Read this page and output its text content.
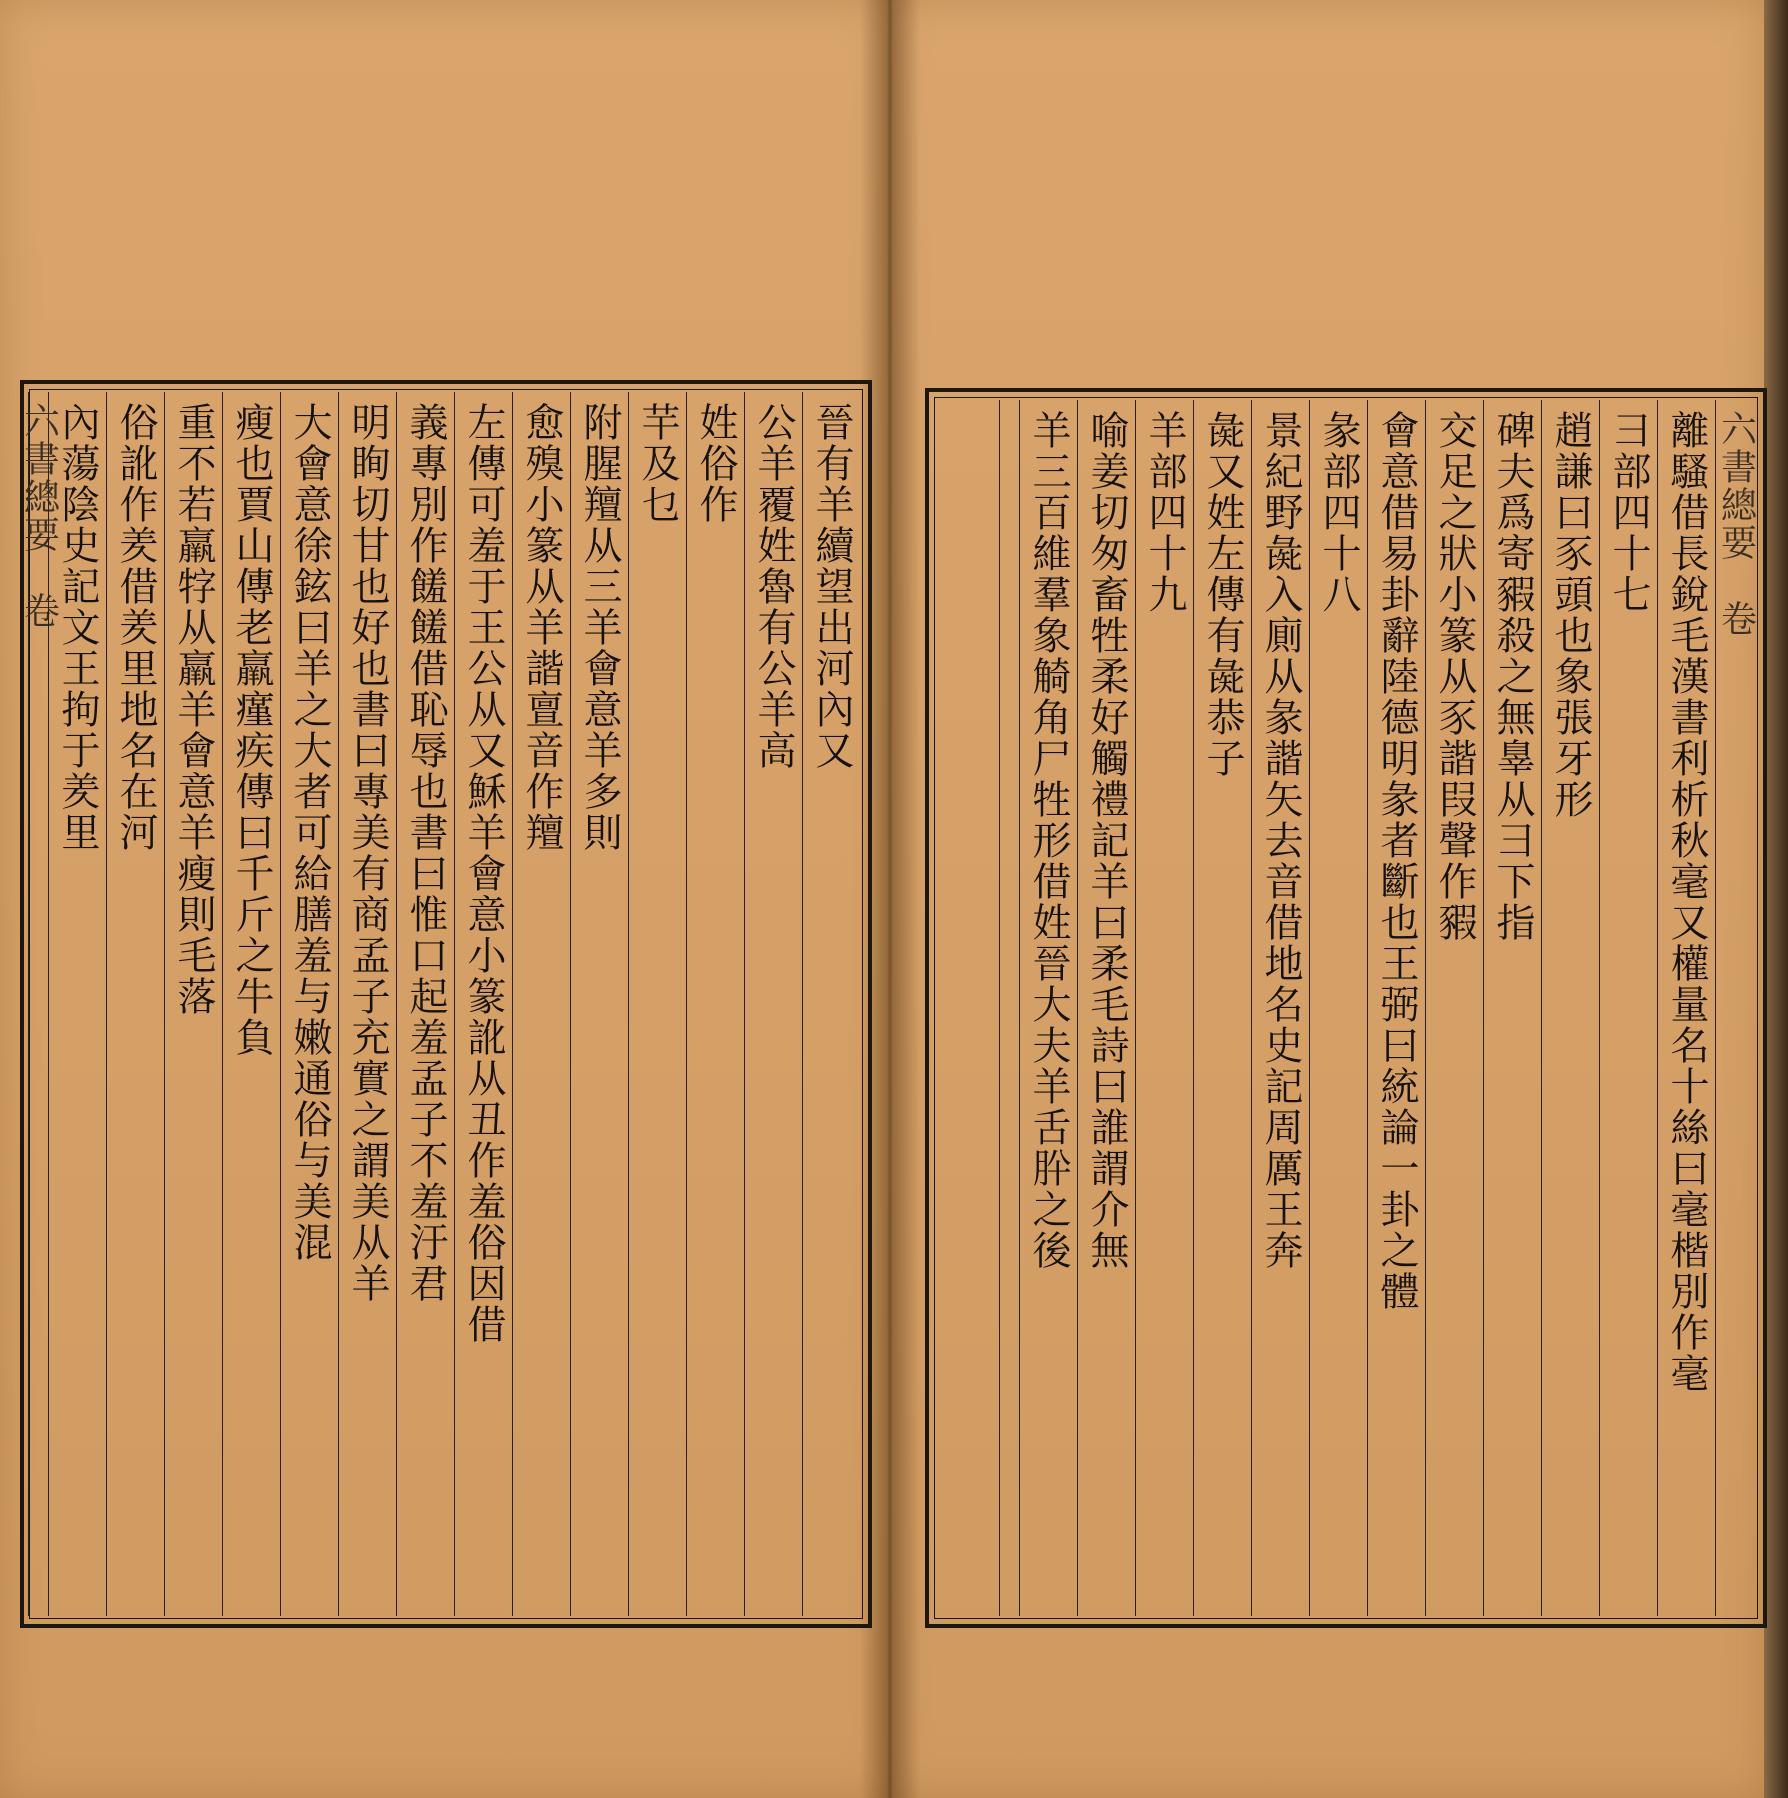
晉有羊續望出河內又
公羊覆姓魯有公羊高
姓俗作
芉及乜
附腥羶从三羊會意羊多則
愈殠小篆从羊諧亶音作羶
左傳可羞于王公从又穌羊會意小篆訛从丑作羞俗因借
義專別作饈饈借恥辱也書曰惟口起羞孟子不羞汙君
明眴切甘也好也書曰專美有商孟子充實之謂美从羊
大會意徐鉉曰羊之大者可給膳羞与嫩通俗与美混
瘦也賈山傳老羸瘽疾傳曰千斤之牛負
重不若羸牸从羸羊會意羊瘦則毛落
俗訛作羑借羑里地名在河
內蕩陰史記文王拘于羑里
六書總要　卷　　　	六書總要　卷　　　
離騷借長銳毛漢書利析秋毫又權量名十絲曰毫楷別作毫
彐部四十七
趙謙曰豕頭也象張牙形
碑夫爲寄豭殺之無辠从彐下指
交足之狀小篆从豕諧叚聲作豭
會意借易卦辭陸德明彖者斷也王弼曰統論一卦之體
彖部四十八
景紀野彘入廁从彖諧矢去音借地名史記周厲王奔
彘又姓左傳有彘恭子
羊部四十九
喻姜切匆畜牲柔好觸禮記羊曰柔毛詩曰誰謂介無
羊三百維羣象觭角尸牲形借姓晉大夫羊舌肸之後
